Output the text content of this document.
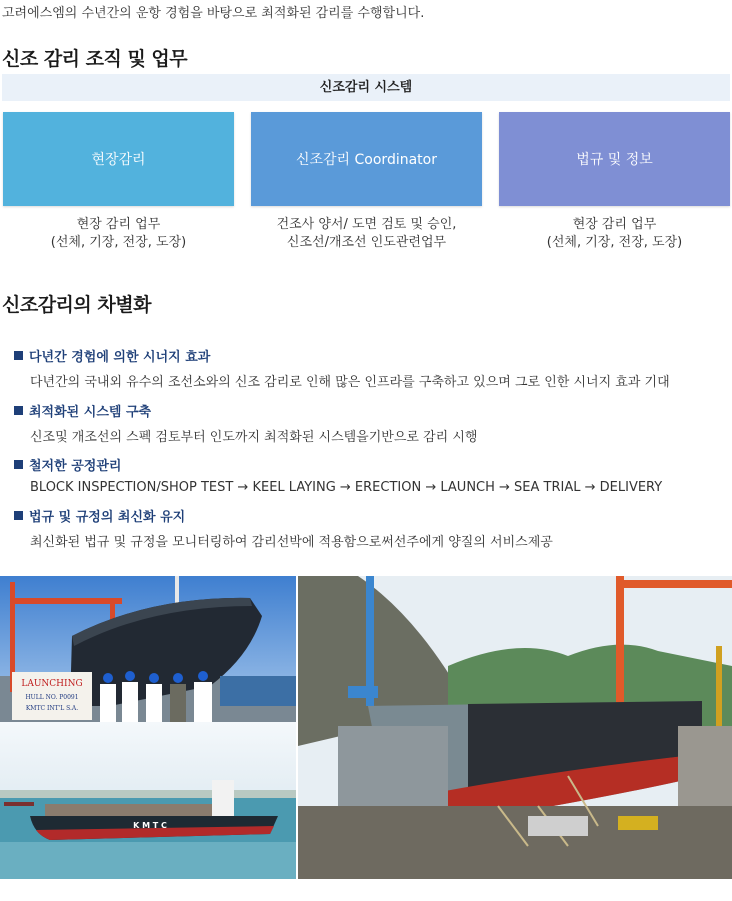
고려에스엠의 수년간의 운항 경험을 바탕으로 최적화된 감리를 수행합니다.
신조 감리 조직 및 업무
신조감리 시스템
현장감리	신조감리 Coordinator	법규 및 정보
현장 감리 업무
(선체, 기장, 전장, 도장)
건조사 양서/ 도면 검토 및 승인,
신조선/개조선 인도관련업무
현장 감리 업무
(선체, 기장, 전장, 도장)
신조감리의 차별화
다년간 경험에 의한 시너지 효과
다년간의 국내외 유수의 조선소와의 신조 감리로 인해 많은 인프라를 구축하고 있으며 그로 인한 시너지 효과 기대
최적화된 시스템 구축
신조및 개조선의 스펙 검토부터 인도까지 최적화된 시스템을기반으로 감리 시행
철저한 공정관리
BLOCK INSPECTION/SHOP TEST → KEEL LAYING → ERECTION → LAUNCH → SEA TRIAL → DELIVERY
법규 및 규정의 최신화 유지
최신화된 법규 및 규정을 모니터링하여 감리선박에 적용함으로써선주에게 양질의 서비스제공
LAUNCHING
HULL NO. P0091
KMTC INT'L S.A.
K M T C
